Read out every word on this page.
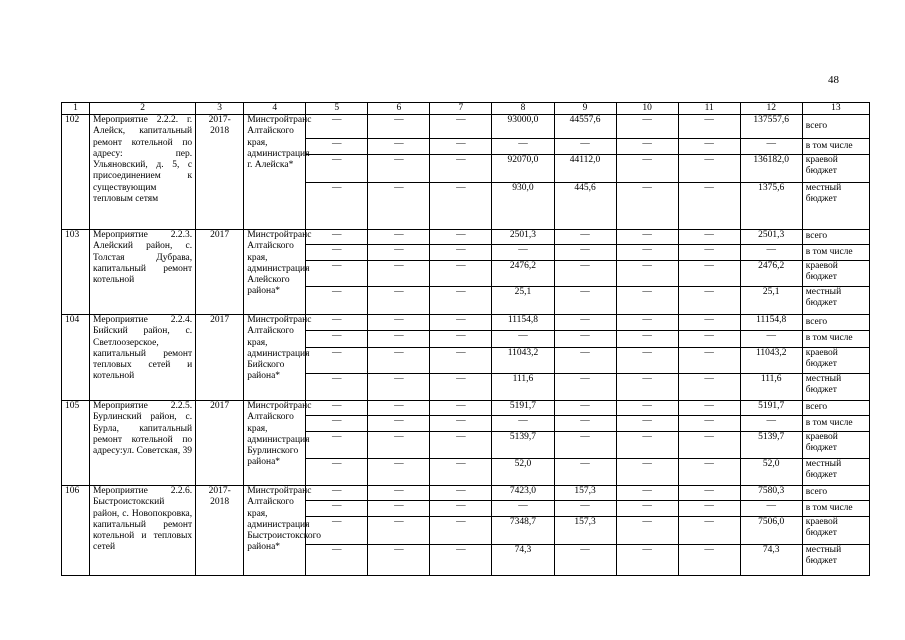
48
1	2	3	4	5	6	7	8	9	10	11	12	13
102	Мероприятие 2.2.2. г. Алейск, капитальный ремонт котельной по адресу: пер. Ульяновский, д. 5, с присоединением к существующим тепловым сетям	2017-2018	Минстройтранс Алтайского края, администрация г. Алейска*	—	—	—	93000,0	44557,6	—	—	137557,6	всего
				—	—	—	—	—	—	—	—	в том числе
				—	—	—	92070,0	44112,0	—	—	136182,0	краевой бюджет
				—	—	—	930,0	445,6	—	—	1375,6	местный бюджет
103	Мероприятие 2.2.3. Алейский район, с. Толстая Дубрава, капитальный ремонт котельной	2017	Минстройтранс Алтайского края, администрация Алейского района*	—	—	—	2501,3	—	—	—	2501,3	всего
				—	—	—	—	—	—	—	—	в том числе
				—	—	—	2476,2	—	—	—	2476,2	краевой бюджет
				—	—	—	25,1	—	—	—	25,1	местный бюджет
104	Мероприятие 2.2.4. Бийский район, с. Светлоозерское, капитальный ремонт тепловых сетей и котельной	2017	Минстройтранс Алтайского края, администрация Бийского района*	—	—	—	11154,8	—	—	—	11154,8	всего
				—	—	—	—	—	—	—	—	в том числе
				—	—	—	11043,2	—	—	—	11043,2	краевой бюджет
				—	—	—	111,6	—	—	—	111,6	местный бюджет
105	Мероприятие 2.2.5. Бурлинский район, с. Бурла, капитальный ремонт котельной по адресу:ул. Советская, 39	2017	Минстройтранс Алтайского края, администрация Бурлинского района*	—	—	—	5191,7	—	—	—	5191,7	всего
				—	—	—	—	—	—	—	—	в том числе
				—	—	—	5139,7	—	—	—	5139,7	краевой бюджет
				—	—	—	52,0	—	—	—	52,0	местный бюджет
106	Мероприятие 2.2.6. Быстроистокский район, с. Новопокровка, капитальный ремонт котельной и тепловых сетей	2017-2018	Минстройтранс Алтайского края, администрация Быстроистокского района*	—	—	—	7423,0	157,3	—	—	7580,3	всего
				—	—	—	—	—	—	—	—	в том числе
				—	—	—	7348,7	157,3	—	—	7506,0	краевой бюджет
				—	—	—	74,3	—	—	—	74,3	местный бюджет
